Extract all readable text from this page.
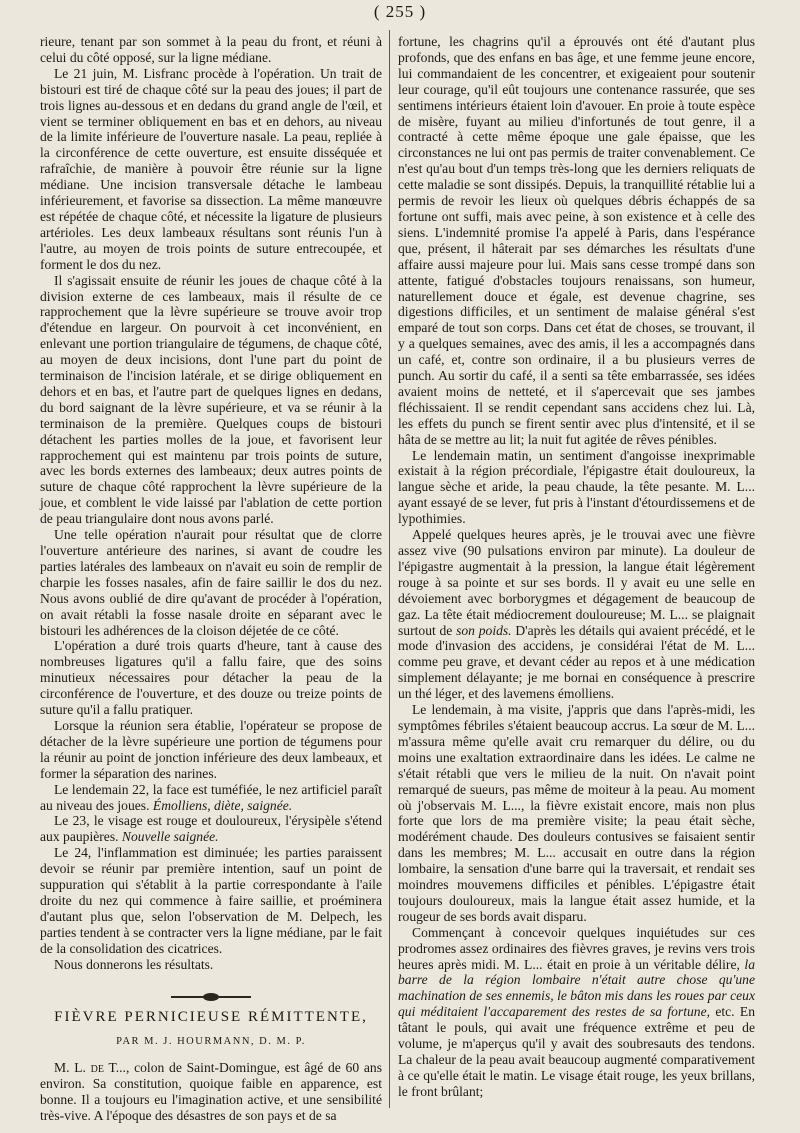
( 255 )

rieure, tenant par son sommet à la peau du front, et réuni à celui du côté opposé, sur la ligne médiane.

Le 21 juin, M. Lisfranc procède à l'opération. Un trait de bistouri est tiré de chaque côté sur la peau des joues; il part de trois lignes au-dessous et en dedans du grand angle de l'œil, et vient se terminer obliquement en bas et en dehors, au niveau de la limite inférieure de l'ouverture nasale. La peau, repliée à la circonférence de cette ouverture, est ensuite disséquée et rafraîchie, de manière à pouvoir être réunie sur la ligne médiane. Une incision transversale détache le lambeau inférieurement, et favorise sa dissection. La même manœuvre est répétée de chaque côté, et nécessite la ligature de plusieurs artérioles. Les deux lambeaux résultans sont réunis l'un à l'autre, au moyen de trois points de suture entrecoupée, et forment le dos du nez.

Il s'agissait ensuite de réunir les joues de chaque côté à la division externe de ces lambeaux, mais il résulte de ce rapprochement que la lèvre supérieure se trouve avoir trop d'étendue en largeur. On pourvoit à cet inconvénient, en enlevant une portion triangulaire de tégumens, de chaque côté, au moyen de deux incisions, dont l'une part du point de terminaison de l'incision latérale, et se dirige obliquement en dehors et en bas, et l'autre part de quelques lignes en dedans, du bord saignant de la lèvre supérieure, et va se réunir à la terminaison de la première. Quelques coups de bistouri détachent les parties molles de la joue, et favorisent leur rapprochement qui est maintenu par trois points de suture, avec les bords externes des lambeaux; deux autres points de suture de chaque côté rapprochent la lèvre supérieure de la joue, et comblent le vide laissé par l'ablation de cette portion de peau triangulaire dont nous avons parlé.

Une telle opération n'aurait pour résultat que de clorre l'ouverture antérieure des narines, si avant de coudre les parties latérales des lambeaux on n'avait eu soin de remplir de charpie les fosses nasales, afin de faire saillir le dos du nez. Nous avons oublié de dire qu'avant de procéder à l'opération, on avait rétabli la fosse nasale droite en séparant avec le bistouri les adhérences de la cloison déjetée de ce côté.

L'opération a duré trois quarts d'heure, tant à cause des nombreuses ligatures qu'il a fallu faire, que des soins minutieux nécessaires pour détacher la peau de la circonférence de l'ouverture, et des douze ou treize points de suture qu'il a fallu pratiquer.

Lorsque la réunion sera établie, l'opérateur se propose de détacher de la lèvre supérieure une portion de tégumens pour la réunir au point de jonction inférieure des deux lambeaux, et former la séparation des narines.

Le lendemain 22, la face est tuméfiée, le nez artificiel paraît au niveau des joues. Émolliens, diète, saignée.

Le 23, le visage est rouge et douloureux, l'érysipèle s'étend aux paupières. Nouvelle saignée.

Le 24, l'inflammation est diminuée; les parties paraissent devoir se réunir par première intention, sauf un point de suppuration qui s'établit à la partie correspondante à l'aile droite du nez qui commence à faire saillie, et proéminera d'autant plus que, selon l'observation de M. Delpech, les parties tendent à se contracter vers la ligne médiane, par le fait de la consolidation des cicatrices.

Nous donnerons les résultats.

FIÈVRE PERNICIEUSE RÉMITTENTE,
PAR M. J. HOURMANN, D. M. P.

M. L. de T..., colon de Saint-Domingue, est âgé de 60 ans environ. Sa constitution, quoique faible en apparence, est bonne. Il a toujours eu l'imagination active, et une sensibilité très-vive. A l'époque des désastres de son pays et de sa

fortune, les chagrins qu'il a éprouvés ont été d'autant plus profonds, que des enfans en bas âge, et une femme jeune encore, lui commandaient de les concentrer, et exigeaient pour soutenir leur courage, qu'il eût toujours une contenance rassurée, que ses sentimens intérieurs étaient loin d'avouer. En proie à toute espèce de misère, fuyant au milieu d'infortunés de tout genre, il a contracté à cette même époque une gale épaisse, que les circonstances ne lui ont pas permis de traiter convenablement. Ce n'est qu'au bout d'un temps très-long que les derniers reliquats de cette maladie se sont dissipés. Depuis, la tranquillité rétablie lui a permis de revoir les lieux où quelques débris échappés de sa fortune ont suffi, mais avec peine, à son existence et à celle des siens. L'indemnité promise l'a appelé à Paris, dans l'espérance que, présent, il hâterait par ses démarches les résultats d'une affaire aussi majeure pour lui. Mais sans cesse trompé dans son attente, fatigué d'obstacles toujours renaissans, son humeur, naturellement douce et égale, est devenue chagrine, ses digestions difficiles, et un sentiment de malaise général s'est emparé de tout son corps. Dans cet état de choses, se trouvant, il y a quelques semaines, avec des amis, il les a accompagnés dans un café, et, contre son ordinaire, il a bu plusieurs verres de punch. Au sortir du café, il a senti sa tête embarrassée, ses idées avaient moins de netteté, et il s'apercevait que ses jambes fléchissaient. Il se rendit cependant sans accidens chez lui. Là, les effets du punch se firent sentir avec plus d'intensité, et il se hâta de se mettre au lit; la nuit fut agitée de rêves pénibles.

Le lendemain matin, un sentiment d'angoisse inexprimable existait à la région précordiale, l'épigastre était douloureux, la langue sèche et aride, la peau chaude, la tête pesante. M. L... ayant essayé de se lever, fut pris à l'instant d'étourdissemens et de lypothimies.

Appelé quelques heures après, je le trouvai avec une fièvre assez vive (90 pulsations environ par minute). La douleur de l'épigastre augmentait à la pression, la langue était légèrement rouge à sa pointe et sur ses bords. Il y avait eu une selle en dévoiement avec borborygmes et dégagement de beaucoup de gaz. La tête était médiocrement douloureuse; M. L... se plaignait surtout de son poids. D'après les détails qui avaient précédé, et le mode d'invasion des accidens, je considérai l'état de M. L... comme peu grave, et devant céder au repos et à une médication simplement délayante; je me bornai en conséquence à prescrire un thé léger, et des lavemens émolliens.

Le lendemain, à ma visite, j'appris que dans l'après-midi, les symptômes fébriles s'étaient beaucoup accrus. La sœur de M. L... m'assura même qu'elle avait cru remarquer du délire, ou du moins une exaltation extraordinaire dans les idées. Le calme ne s'était rétabli que vers le milieu de la nuit. On n'avait point remarqué de sueurs, pas même de moiteur à la peau. Au moment où j'observais M. L..., la fièvre existait encore, mais non plus forte que lors de ma première visite; la peau était sèche, modérément chaude. Des douleurs contusives se faisaient sentir dans les membres; M. L... accusait en outre dans la région lombaire, la sensation d'une barre qui la traversait, et rendait ses moindres mouvemens difficiles et pénibles. L'épigastre était toujours douloureux, mais la langue était assez humide, et la rougeur de ses bords avait disparu.

Commençant à concevoir quelques inquiétudes sur ces prodromes assez ordinaires des fièvres graves, je revins vers trois heures après midi. M. L... était en proie à un véritable délire, la barre de la région lombaire n'était autre chose qu'une machination de ses ennemis, le bâton mis dans les roues par ceux qui méditaient l'accaparement des restes de sa fortune, etc. En tâtant le pouls, qui avait une fréquence extrême et peu de volume, je m'aperçus qu'il y avait des soubresauts des tendons. La chaleur de la peau avait beaucoup augmenté comparativement à ce qu'elle était le matin. Le visage était rouge, les yeux brillans, le front brûlant;
